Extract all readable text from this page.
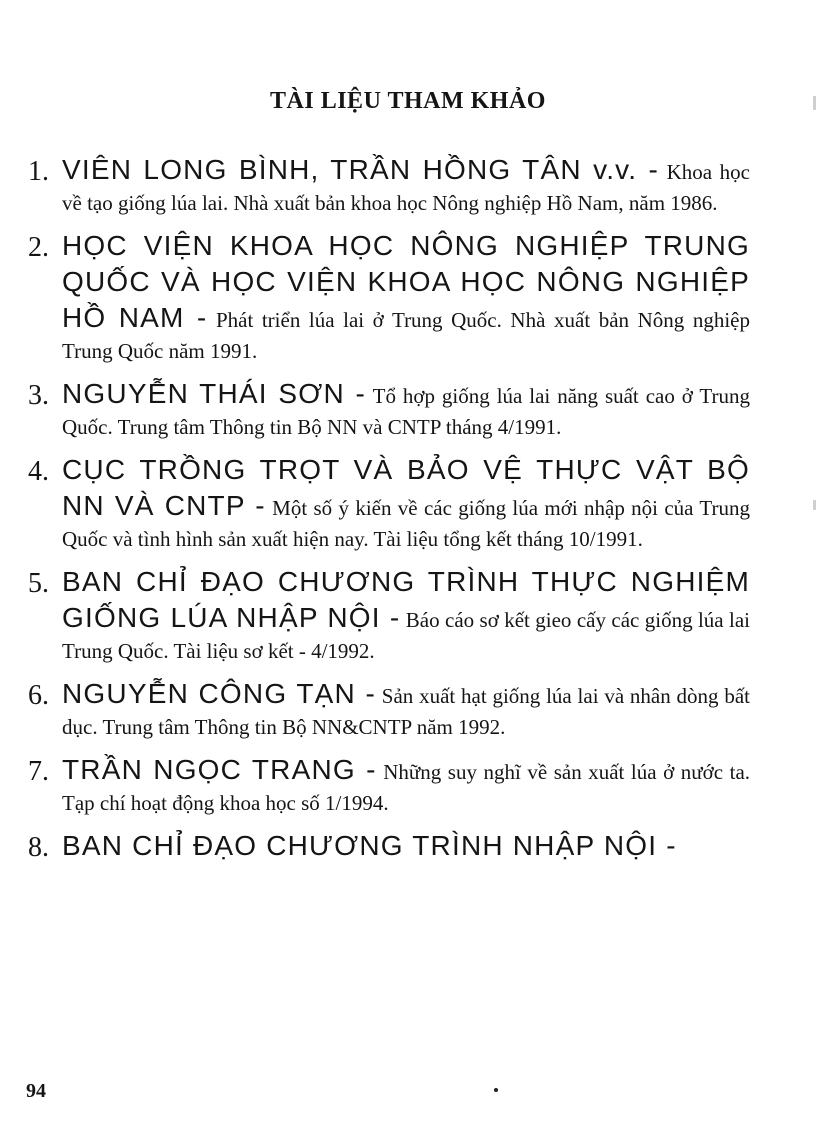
TÀI LIỆU THAM KHẢO
1. VIÊN LONG BÌNH, TRẦN HỒNG TÂN v.v. - Khoa học về tạo giống lúa lai. Nhà xuất bản khoa học Nông nghiệp Hồ Nam, năm 1986.
2. HỌC VIỆN KHOA HỌC NÔNG NGHIỆP TRUNG QUỐC VÀ HỌC VIỆN KHOA HỌC NÔNG NGHIỆP HỒ NAM - Phát triển lúa lai ở Trung Quốc. Nhà xuất bản Nông nghiệp Trung Quốc năm 1991.
3. NGUYỄN THÁI SƠN - Tổ hợp giống lúa lai năng suất cao ở Trung Quốc. Trung tâm Thông tin Bộ NN và CNTP tháng 4/1991.
4. CỤC TRỒNG TRỌT VÀ BẢO VỆ THỰC VẬT BỘ NN VÀ CNTP - Một số ý kiến về các giống lúa mới nhập nội của Trung Quốc và tình hình sản xuất hiện nay. Tài liệu tổng kết tháng 10/1991.
5. BAN CHỈ ĐẠO CHƯƠNG TRÌNH THỰC NGHIỆM GIỐNG LÚA NHẬP NỘI - Báo cáo sơ kết gieo cấy các giống lúa lai Trung Quốc. Tài liệu sơ kết - 4/1992.
6. NGUYỄN CÔNG TẠN - Sản xuất hạt giống lúa lai và nhân dòng bất dục. Trung tâm Thông tin Bộ NN&CNTP năm 1992.
7. TRẦN NGỌC TRANG - Những suy nghĩ về sản xuất lúa ở nước ta. Tạp chí hoạt động khoa học số 1/1994.
8. BAN CHỈ ĐẠO CHƯƠNG TRÌNH NHẬP NỘI -
94
